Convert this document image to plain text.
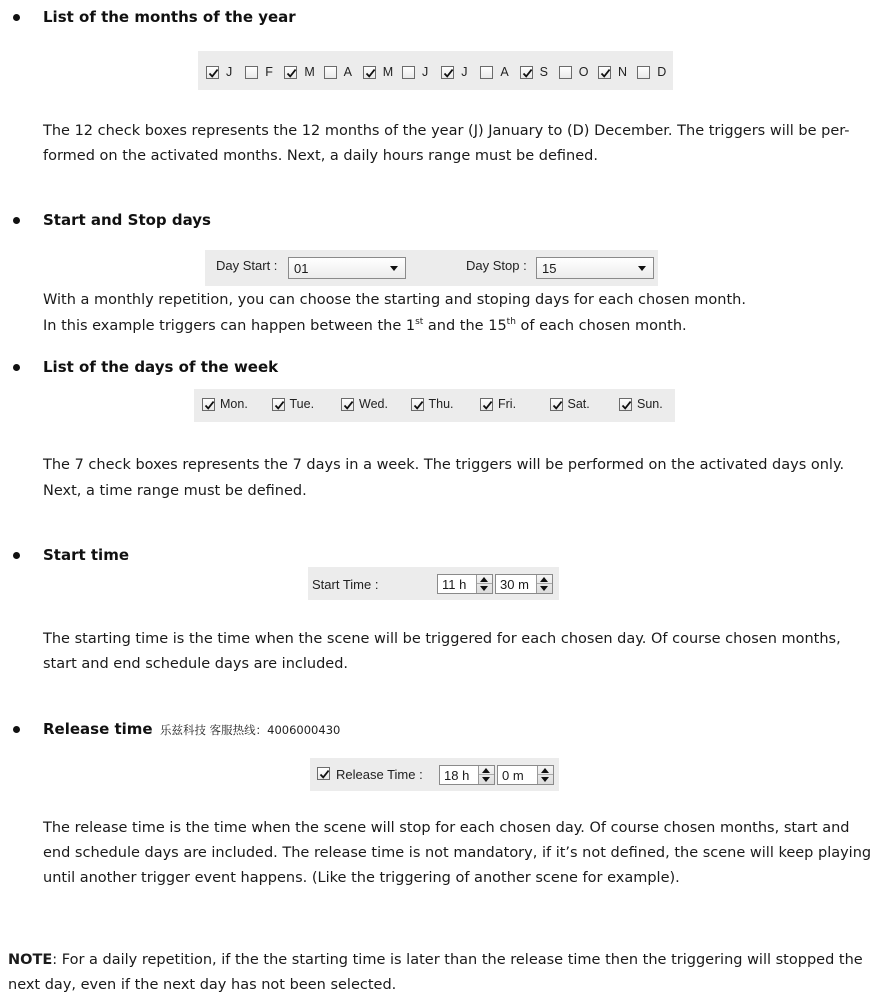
List of the months of the year
J	F	M A M J	J	A S O N D
The 12 check boxes represents the 12 months of the year (J) January to (D) December. The triggers will be per-
formed on the activated months. Next, a daily hours range must be defined.
Start and Stop days
Day Start : 01	Day Stop : 15
With a monthly repetition, you can choose the starting and stoping days for each chosen month.
In this example triggers can happen between the 1st and the 15th of each chosen month.
List of the days of the week
Mon.	Tue.	Wed.	Thu.	Fri.	Sat.	Sun.
The 7 check boxes represents the 7 days in a week. The triggers will be performed on the activated days only.
Next, a time range must be defined.
Start time
Start Time :	11 h	30 m
The starting time is the time when the scene will be triggered for each chosen day. Of course chosen months,
start and end schedule days are included.
Release time 乐兹科技 客服热线：4006000430
Release Time : 18 h	0 m
The release time is the time when the scene will stop for each chosen day. Of course chosen months, start and
end schedule days are included. The release time is not mandatory, if it’s not defined, the scene will keep playing
until another trigger event happens. (Like the triggering of another scene for example).
NOTE: For a daily repetition, if the the starting time is later than the release time then the triggering will stopped the
next day, even if the next day has not been selected.
